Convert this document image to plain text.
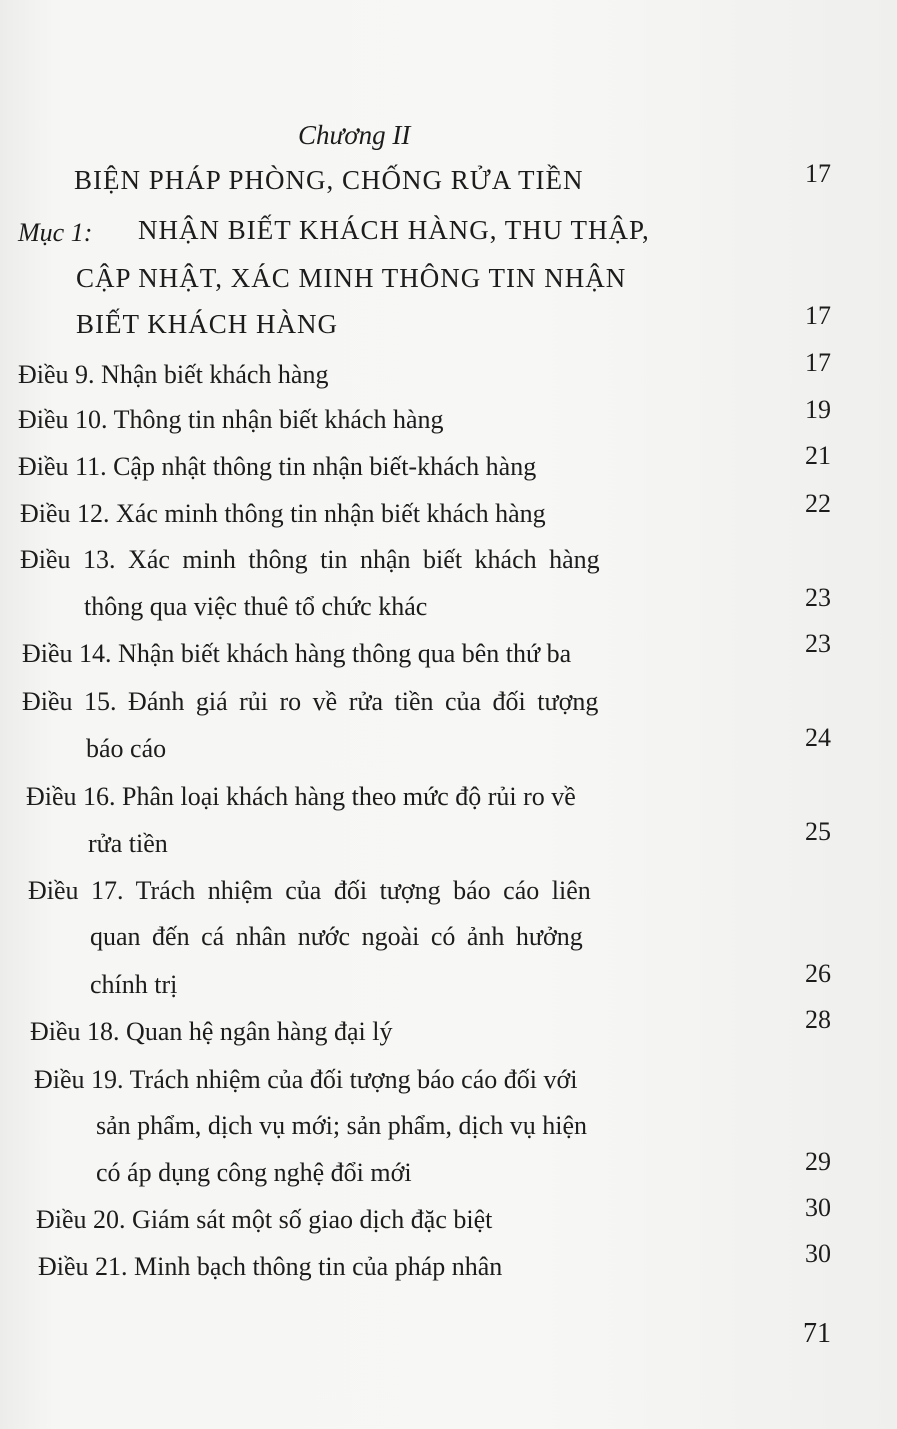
Chương II
BIỆN PHÁP PHÒNG, CHỐNG RỬA TIỀN	17
Mục 1: NHẬN BIẾT KHÁCH HÀNG, THU THẬP,
CẬP NHẬT, XÁC MINH THÔNG TIN NHẬN
BIẾT KHÁCH HÀNG	17
Điều 9. Nhận biết khách hàng	17
Điều 10. Thông tin nhận biết khách hàng	19
Điều 11. Cập nhật thông tin nhận biết-khách hàng	21
Điều 12. Xác minh thông tin nhận biết khách hàng	22
Điều 13. Xác minh thông tin nhận biết khách hàng
thông qua việc thuê tổ chức khác	23
Điều 14. Nhận biết khách hàng thông qua bên thứ ba	23
Điều 15. Đánh giá rủi ro về rửa tiền của đối tượng
báo cáo	24
Điều 16. Phân loại khách hàng theo mức độ rủi ro về
rửa tiền	25
Điều 17. Trách nhiệm của đối tượng báo cáo liên
quan đến cá nhân nước ngoài có ảnh hưởng
chính trị	26
Điều 18. Quan hệ ngân hàng đại lý	28
Điều 19. Trách nhiệm của đối tượng báo cáo đối với
sản phẩm, dịch vụ mới; sản phẩm, dịch vụ hiện
có áp dụng công nghệ đổi mới	29
Điều 20. Giám sát một số giao dịch đặc biệt	30
Điều 21. Minh bạch thông tin của pháp nhân	30
71
